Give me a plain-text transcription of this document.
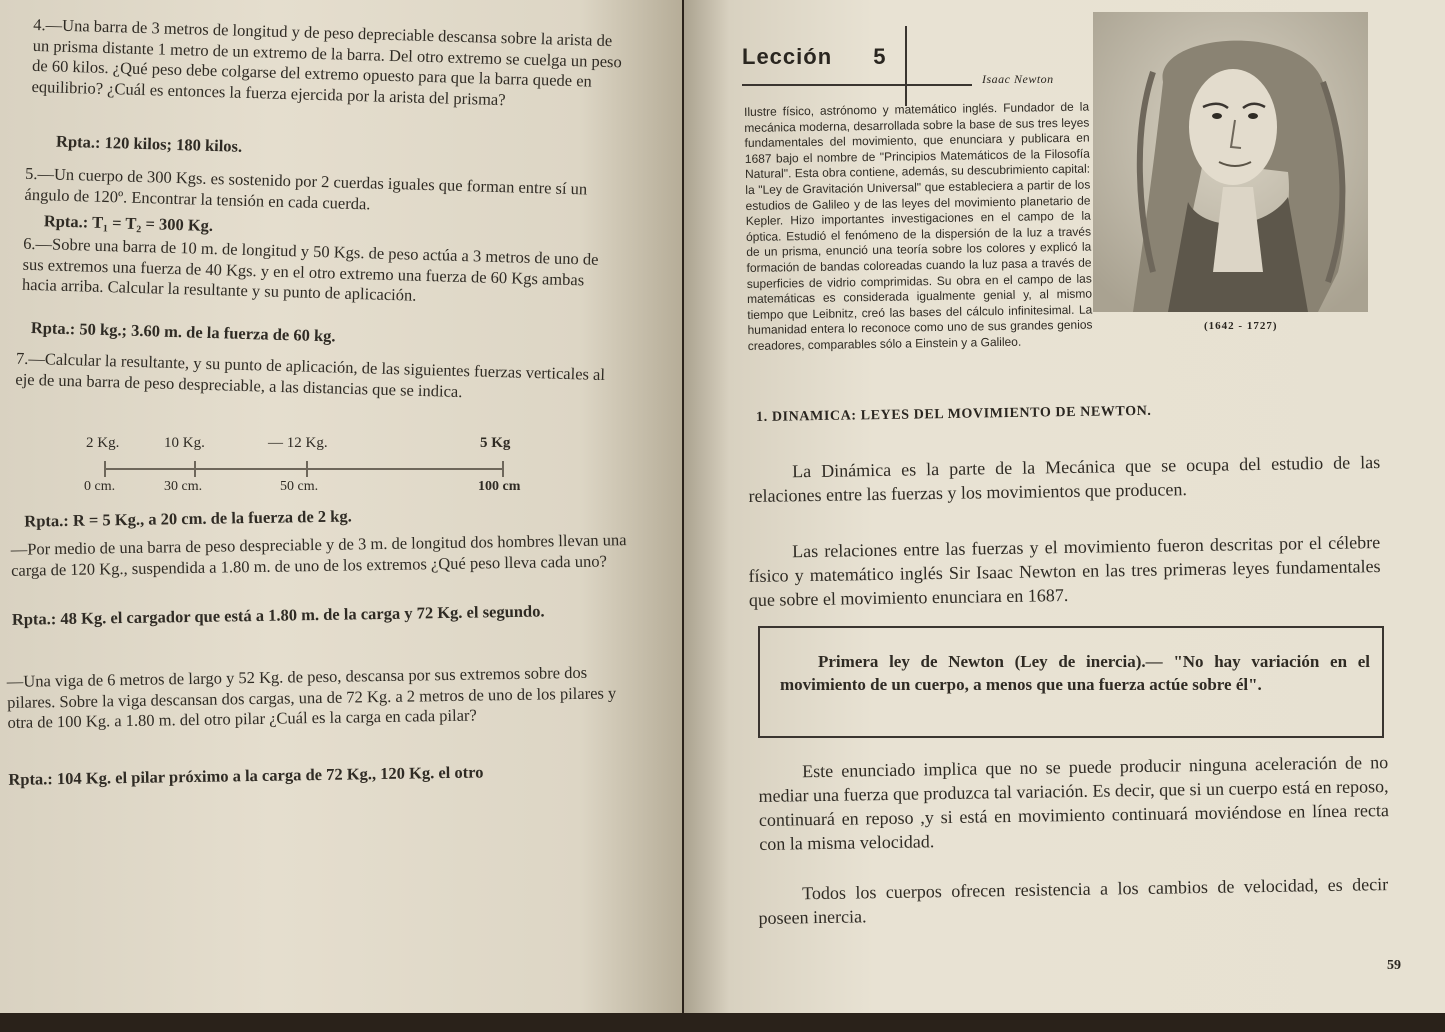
4.—Una barra de 3 metros de longitud y de peso depreciable descansa sobre la arista de un prisma distante 1 metro de un extremo de la barra. Del otro extremo se cuelga un peso de 60 kilos. ¿Qué peso debe colgarse del extremo opuesto para que la barra quede en equilibrio? ¿Cuál es entonces la fuerza ejercida por la arista del prisma?
Rpta.: 120 kilos; 180 kilos.
5.—Un cuerpo de 300 Kgs. es sostenido por 2 cuerdas iguales que forman entre sí un ángulo de 120º. Encontrar la tensión en cada cuerda.
Rpta.: T₁ = T₂ = 300 Kg.
6.—Sobre una barra de 10 m. de longitud y 50 Kgs. de peso actúa a 3 metros de uno de sus extremos una fuerza de 40 Kgs. y en el otro extremo una fuerza de 60 Kgs ambas hacia arriba. Calcular la resultante y su punto de aplicación.
Rpta.: 50 kg.; 3.60 m. de la fuerza de 60 kg.
7.—Calcular la resultante, y su punto de aplicación, de las siguientes fuerzas verticales al eje de una barra de peso despreciable, a las distancias que se indica.
2 Kg.	10 Kg.	— 12 Kg.	5 Kg
0 cm.	30 cm.	50 cm.	100 cm
Rpta.: R = 5 Kg., a 20 cm. de la fuerza de 2 kg.
—Por medio de una barra de peso despreciable y de 3 m. de longitud dos hombres llevan una carga de 120 Kg., suspendida a 1.80 m. de uno de los extremos ¿Qué peso lleva cada uno?
Rpta.: 48 Kg. el cargador que está a 1.80 m. de la carga y 72 Kg. el segundo.
—Una viga de 6 metros de largo y 52 Kg. de peso, descansa por sus extremos sobre dos pilares. Sobre la viga descansan dos cargas, una de 72 Kg. a 2 metros de uno de los pilares y otra de 100 Kg. a 1.80 m. del otro pilar ¿Cuál es la carga en cada pilar?
Rpta.: 104 Kg. el pilar próximo a la carga de 72 Kg., 120 Kg. el otro
Lección 5
Isaac Newton
(1642 - 1727)
Ilustre físico, astrónomo y matemático inglés. Fundador de la mecánica moderna, desarrollada sobre la base de sus tres leyes fundamentales del movimiento, que enunciara y publicara en 1687 bajo el nombre de "Principios Matemáticos de la Filosofía Natural". Esta obra contiene, además, su descubrimiento capital: la "Ley de Gravitación Universal" que estableciera a partir de los estudios de Galileo y de las leyes del movimiento planetario de Kepler. Hizo importantes investigaciones en el campo de la óptica. Estudió el fenómeno de la dispersión de la luz a través de un prisma, enunció una teoría sobre los colores y explicó la formación de bandas coloreadas cuando la luz pasa a través de superficies de vidrio comprimidas. Su obra en el campo de las matemáticas es considerada igualmente genial y, al mismo tiempo que Leibnitz, creó las bases del cálculo infinitesimal. La humanidad entera lo reconoce como uno de sus grandes genios creadores, comparables sólo a Einstein y a Galileo.
1. DINAMICA: LEYES DEL MOVIMIENTO DE NEWTON.
La Dinámica es la parte de la Mecánica que se ocupa del estudio de las relaciones entre las fuerzas y los movimientos que producen.
Las relaciones entre las fuerzas y el movimiento fueron descritas por el célebre físico y matemático inglés Sir Isaac Newton en las tres primeras leyes fundamentales que sobre el movimiento enunciara en 1687.
Primera ley de Newton (Ley de inercia).— "No hay variación en el movimiento de un cuerpo, a menos que una fuerza actúe sobre él".
Este enunciado implica que no se puede producir ninguna aceleración de no mediar una fuerza que produzca tal variación. Es decir, que si un cuerpo está en reposo, continuará en reposo ,y si está en movimiento continuará moviéndose en línea recta con la misma velocidad.
Todos los cuerpos ofrecen resistencia a los cambios de velocidad, es decir poseen inercia.
59
